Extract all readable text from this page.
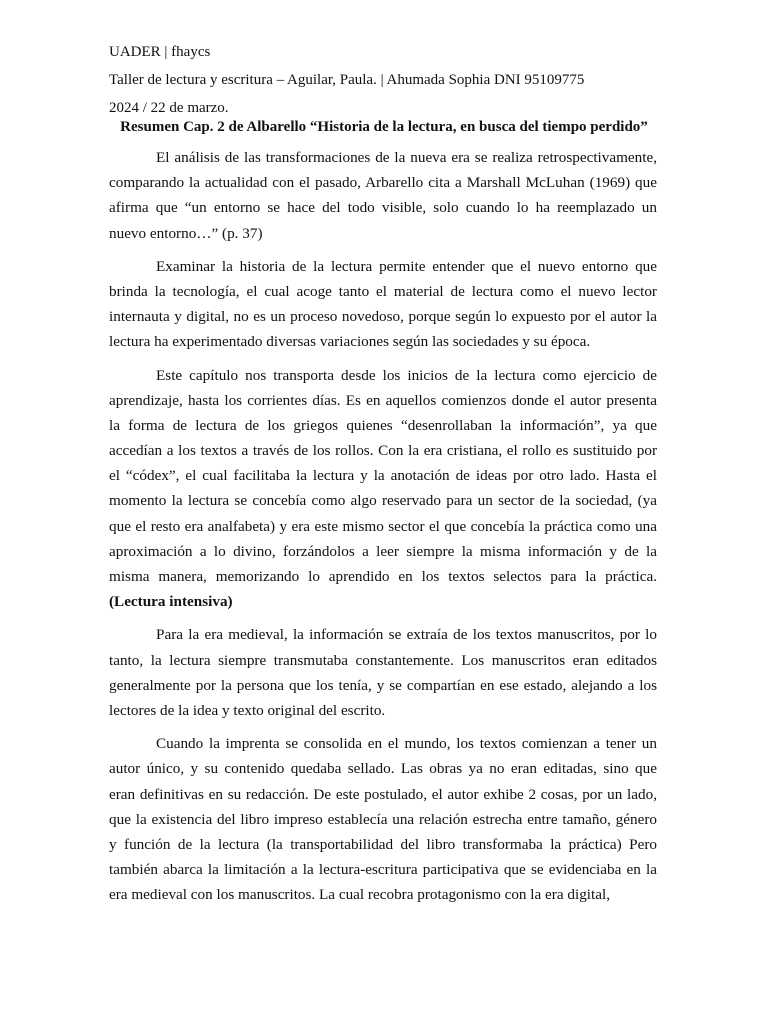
UADER | fhaycs
Taller de lectura y escritura – Aguilar, Paula. | Ahumada Sophia DNI 95109775
2024 / 22 de marzo.
Resumen Cap. 2 de Albarello “Historia de la lectura, en busca del tiempo perdido”

El análisis de las transformaciones de la nueva era se realiza retrospectivamente,
comparando la actualidad con el pasado, Arbarello cita a Marshall McLuhan (1969) que
afirma que “un entorno se hace del todo visible, solo cuando lo ha reemplazado un
nuevo entorno…” (p. 37)

Examinar la historia de la lectura permite entender que el nuevo entorno que
brinda la tecnología, el cual acoge tanto el material de lectura como el nuevo lector
internauta y digital, no es un proceso novedoso, porque según lo expuesto por el autor la
lectura ha experimentado diversas variaciones según las sociedades y su época.

Este capítulo nos transporta desde los inicios de la lectura como ejercicio de
aprendizaje, hasta los corrientes días. Es en aquellos comienzos donde el autor presenta
la forma de lectura de los griegos quienes “desenrollaban la información”, ya que
accedían a los textos a través de los rollos. Con la era cristiana, el rollo es sustituido por
el “códex”, el cual facilitaba la lectura y la anotación de ideas por otro lado. Hasta el
momento la lectura se concebía como algo reservado para un sector de la sociedad, (ya
que el resto era analfabeta) y era este mismo sector el que concebía la práctica como una
aproximación a lo divino, forzándolos a leer siempre la misma información y de la
misma manera, memorizando lo aprendido en los textos selectos para la práctica.
(Lectura intensiva)

Para la era medieval, la información se extraía de los textos manuscritos, por lo
tanto, la lectura siempre transmutaba constantemente. Los manuscritos eran editados
generalmente por la persona que los tenía, y se compartían en ese estado, alejando a los
lectores de la idea y texto original del escrito.

Cuando la imprenta se consolida en el mundo, los textos comienzan a tener un
autor único, y su contenido quedaba sellado. Las obras ya no eran editadas, sino que
eran definitivas en su redacción. De este postulado, el autor exhibe 2 cosas, por un lado,
que la existencia del libro impreso establecía una relación estrecha entre tamaño, género
y función de la lectura (la transportabilidad del libro transformaba la práctica) Pero
también abarca la limitación a la lectura-escritura participativa que se evidenciaba en la
era medieval con los manuscritos. La cual recobra protagonismo con la era digital,
